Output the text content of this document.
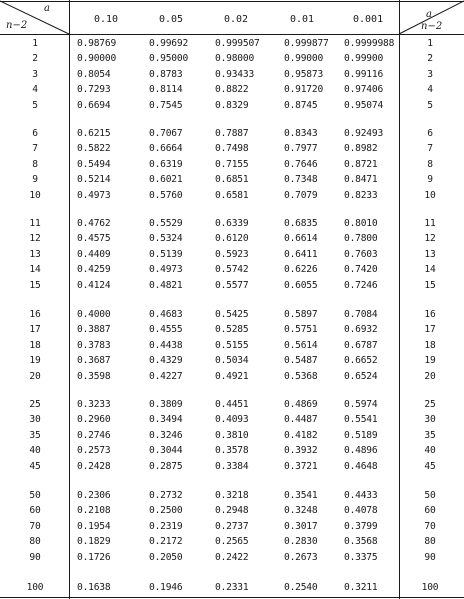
a
n−2
a
n−2
0.10	0.05	0.02	0.01	0.001
1	0.98769	0.99692	0.999507	0.999877 0.9999988	1
2	0.90000	0.95000	0.98000	0.99000 0.99900	2
3	0.8054	0.8783	0.93433	0.95873 0.99116	3
4	0.7293	0.8114	0.8822	0.91720 0.97406	4
5	0.6694	0.7545	0.8329	0.8745	0.95074	5
6	0.6215	0.7067	0.7887	0.8343	0.92493	6
7	0.5822	0.6664	0.7498	0.7977	0.8982	7
8	0.5494	0.6319	0.7155	0.7646	0.8721	8
9	0.5214	0.6021	0.6851	0.7348	0.8471	9
10	0.4973	0.5760	0.6581	0.7079	0.8233	10
11	0.4762	0.5529	0.6339	0.6835	0.8010	11
12	0.4575	0.5324	0.6120	0.6614	0.7800	12
13	0.4409	0.5139	0.5923	0.6411	0.7603	13
14	0.4259	0.4973	0.5742	0.6226	0.7420	14
15	0.4124	0.4821	0.5577	0.6055	0.7246	15
16	0.4000	0.4683	0.5425	0.5897	0.7084	16
17	0.3887	0.4555	0.5285	0.5751	0.6932	17
18	0.3783	0.4438	0.5155	0.5614	0.6787	18
19	0.3687	0.4329	0.5034	0.5487	0.6652	19
20	0.3598	0.4227	0.4921	0.5368	0.6524	20
25	0.3233	0.3809	0.4451	0.4869	0.5974	25
30	0.2960	0.3494	0.4093	0.4487	0.5541	30
35	0.2746	0.3246	0.3810	0.4182	0.5189	35
40	0.2573	0.3044	0.3578	0.3932	0.4896	40
45	0.2428	0.2875	0.3384	0.3721	0.4648	45
50	0.2306	0.2732	0.3218	0.3541	0.4433	50
60	0.2108	0.2500	0.2948	0.3248	0.4078	60
70	0.1954	0.2319	0.2737	0.3017	0.3799	70
80	0.1829	0.2172	0.2565	0.2830	0.3568	80
90	0.1726	0.2050	0.2422	0.2673	0.3375	90
100	0.1638	0.1946	0.2331	0.2540	0.3211	100
